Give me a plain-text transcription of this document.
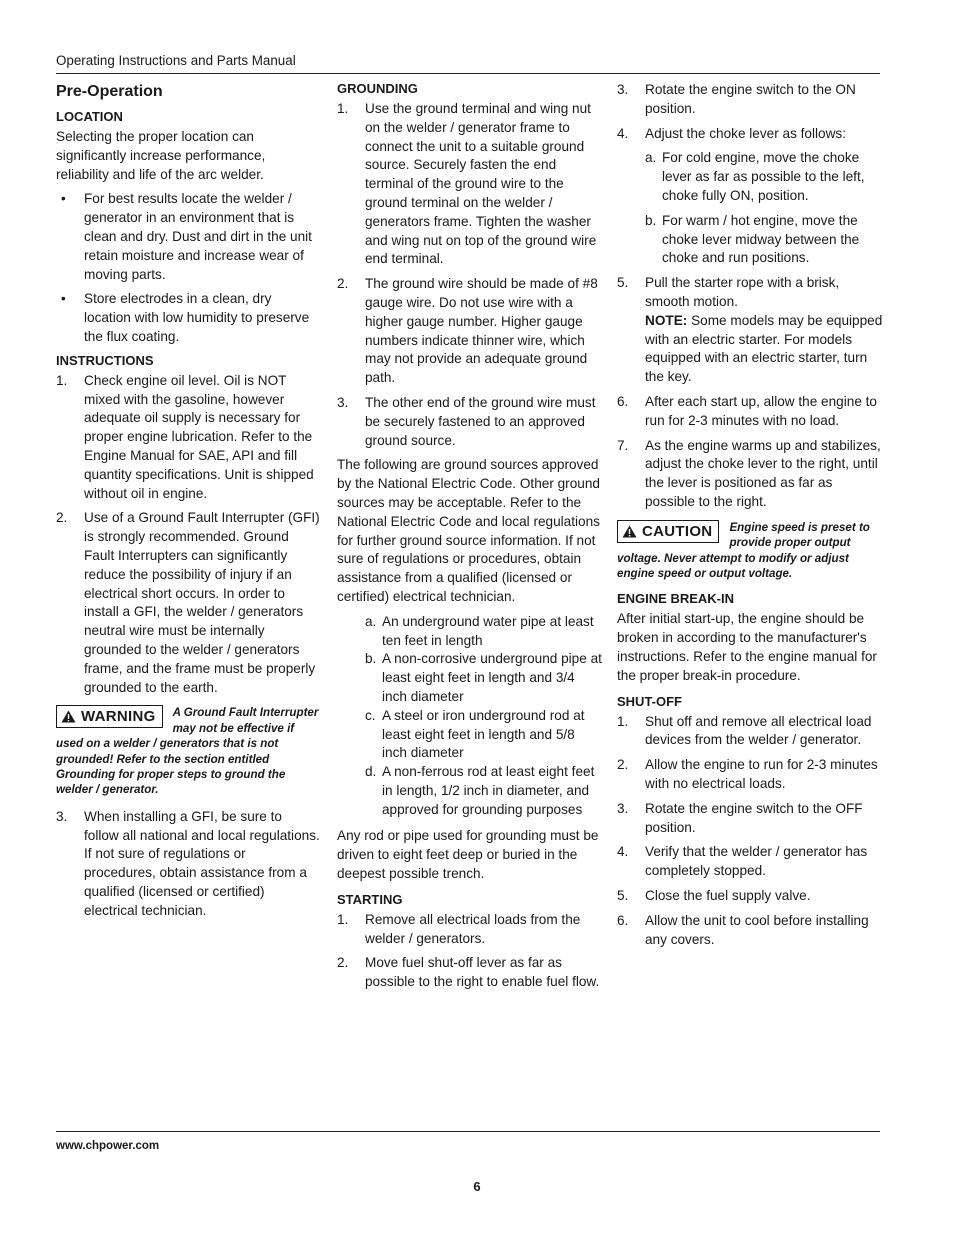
Operating Instructions and Parts Manual
Pre-Operation
LOCATION

Selecting the proper location can significantly increase performance, reliability and life of the arc welder.

• For best results locate the welder / generator in an environment that is clean and dry. Dust and dirt in the unit retain moisture and increase wear of moving parts.
• Store electrodes in a clean, dry location with low humidity to preserve the flux coating.
INSTRUCTIONS
1. Check engine oil level. Oil is NOT mixed with the gasoline, however adequate oil supply is necessary for proper engine lubrication. Refer to the Engine Manual for SAE, API and fill quantity specifications. Unit is shipped without oil in engine.
2. Use of a Ground Fault Interrupter (GFI) is strongly recommended. Ground Fault Interrupters can significantly reduce the possibility of injury if an electrical short occurs. In order to install a GFI, the welder / generators neutral wire must be internally grounded to the welder / generators frame, and the frame must be properly grounded to the earth.
WARNING A Ground Fault Interrupter may not be effective if used on a welder / generators that is not grounded! Refer to the section entitled Grounding for proper steps to ground the welder / generator.
3. When installing a GFI, be sure to follow all national and local regulations. If not sure of regulations or procedures, obtain assistance from a qualified (licensed or certified) electrical technician.
GROUNDING
1. Use the ground terminal and wing nut on the welder / generator frame to connect the unit to a suitable ground source. Securely fasten the end terminal of the ground wire to the ground terminal on the welder / generators frame. Tighten the washer and wing nut on top of the ground wire end terminal.
2. The ground wire should be made of #8 gauge wire. Do not use wire with a higher gauge number. Higher gauge numbers indicate thinner wire, which may not provide an adequate ground path.
3. The other end of the ground wire must be securely fastened to an approved ground source.

The following are ground sources approved by the National Electric Code. Other ground sources may be acceptable. Refer to the National Electric Code and local regulations for further ground source information. If not sure of regulations or procedures, obtain assistance from a qualified (licensed or certified) electrical technician.

a. An underground water pipe at least ten feet in length
b. A non-corrosive underground pipe at least eight feet in length and 3/4 inch diameter
c. A steel or iron underground rod at least eight feet in length and 5/8 inch diameter
d. A non-ferrous rod at least eight feet in length, 1/2 inch in diameter, and approved for grounding purposes

Any rod or pipe used for grounding must be driven to eight feet deep or buried in the deepest possible trench.

STARTING
1. Remove all electrical loads from the welder / generators.
2. Move fuel shut-off lever as far as possible to the right to enable fuel flow.
3. Rotate the engine switch to the ON position.
4. Adjust the choke lever as follows:
a. For cold engine, move the choke lever as far as possible to the left, choke fully ON, position.
b. For warm / hot engine, move the choke lever midway between the choke and run positions.
5. Pull the starter rope with a brisk, smooth motion.
NOTE: Some models may be equipped with an electric starter. For models equipped with an electric starter, turn the key.
6. After each start up, allow the engine to run for 2-3 minutes with no load.
7. As the engine warms up and stabilizes, adjust the choke lever to the right, until the lever is positioned as far as possible to the right.
CAUTION Engine speed is preset to provide proper output voltage. Never attempt to modify or adjust engine speed or output voltage.
ENGINE BREAK-IN

After initial start-up, the engine should be broken in according to the manufacturer's instructions. Refer to the engine manual for the proper break-in procedure.

SHUT-OFF
1. Shut off and remove all electrical load devices from the welder / generator.
2. Allow the engine to run for 2-3 minutes with no electrical loads.
3. Rotate the engine switch to the OFF position.
4. Verify that the welder / generator has completely stopped.
5. Close the fuel supply valve.
6. Allow the unit to cool before installing any covers.
www.chpower.com
6
